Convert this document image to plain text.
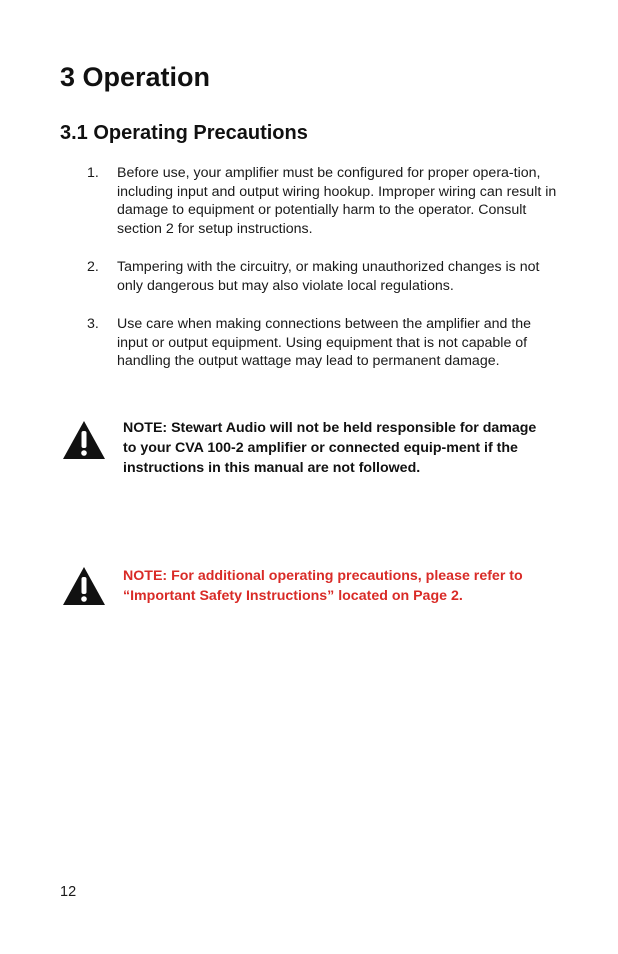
3 Operation
3.1 Operating Precautions
1. Before use, your amplifier must be configured for proper opera-tion, including input and output wiring hookup. Improper wiring can result in damage to equipment or potentially harm to the operator. Consult section 2 for setup instructions.
2. Tampering with the circuitry, or making unauthorized changes is not only dangerous but may also violate local regulations.
3. Use care when making connections between the amplifier and the input or output equipment. Using equipment that is not capable of handling the output wattage may lead to permanent damage.
NOTE: Stewart Audio will not be held responsible for damage to your CVA 100-2 amplifier or connected equip-ment if the instructions in this manual are not followed.
NOTE: For additional operating precautions, please refer to “Important Safety Instructions” located on Page 2.
12
